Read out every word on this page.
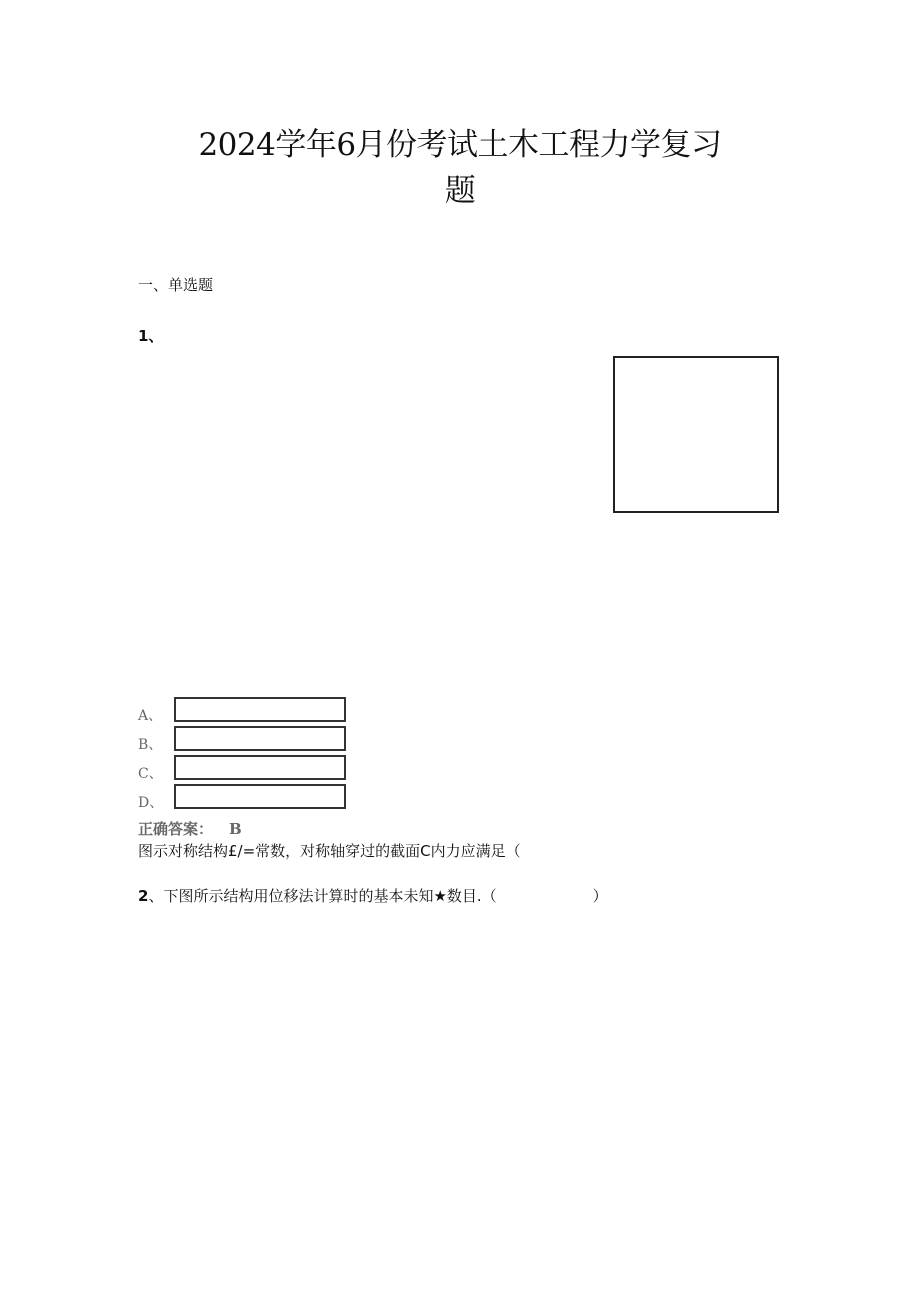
2024学年6月份考试土木工程力学复习
题
一、单选题
1、
A、
B、
C、
D、
正确答案： B
图示对称结构£/=常数，对称轴穿过的截面C内力应满足（
2、下图所示结构用位移法计算时的基本未知★数目.（	）
